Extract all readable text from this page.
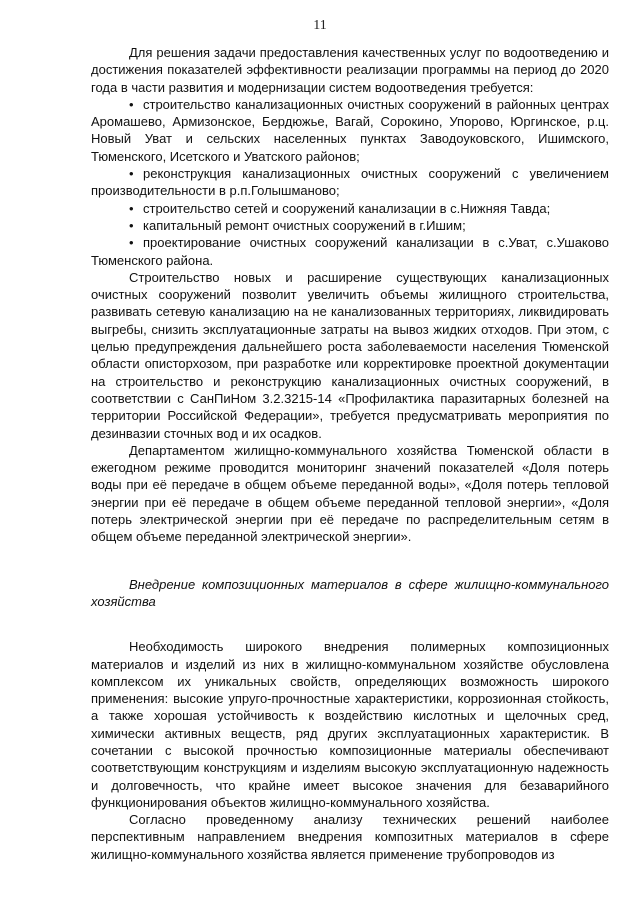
11

Для решения задачи предоставления качественных услуг по водоотведению и достижения показателей эффективности реализации программы на период до 2020 года в части развития и модернизации систем водоотведения требуется:

• строительство канализационных очистных сооружений в районных центрах Аромашево, Армизонское, Бердюжье, Вагай, Сорокино, Упорово, Юргинское, р.ц. Новый Уват и сельских населенных пунктах Заводоуковского, Ишимского, Тюменского, Исетского и Уватского районов;

• реконструкция канализационных очистных сооружений с увеличением производительности в р.п.Голышманово;

• строительство сетей и сооружений канализации в с.Нижняя Тавда;

• капитальный ремонт очистных сооружений в г.Ишим;

• проектирование очистных сооружений канализации в с.Уват, с.Ушаково Тюменского района.

Строительство новых и расширение существующих канализационных очистных сооружений позволит увеличить объемы жилищного строительства, развивать сетевую канализацию на не канализованных территориях, ликвидировать выгребы, снизить эксплуатационные затраты на вывоз жидких отходов. При этом, с целью предупреждения дальнейшего роста заболеваемости населения Тюменской области описторхозом, при разработке или корректировке проектной документации на строительство и реконструкцию канализационных очистных сооружений, в соответствии с СанПиНом 3.2.3215-14 «Профилактика паразитарных болезней на территории Российской Федерации», требуется предусматривать мероприятия по дезинвазии сточных вод и их осадков.

Департаментом жилищно-коммунального хозяйства Тюменской области в ежегодном режиме проводится мониторинг значений показателей «Доля потерь воды при её передаче в общем объеме переданной воды», «Доля потерь тепловой энергии при её передаче в общем объеме переданной тепловой энергии», «Доля потерь электрической энергии при её передаче по распределительным сетям в общем объеме переданной электрической энергии».

Внедрение композиционных материалов в сфере жилищно-коммунального хозяйства

Необходимость широкого внедрения полимерных композиционных материалов и изделий из них в жилищно-коммунальном хозяйстве обусловлена комплексом их уникальных свойств, определяющих возможность широкого применения: высокие упруго-прочностные характеристики, коррозионная стойкость, а также хорошая устойчивость к воздействию кислотных и щелочных сред, химически активных веществ, ряд других эксплуатационных характеристик. В сочетании с высокой прочностью композиционные материалы обеспечивают соответствующим конструкциям и изделиям высокую эксплуатационную надежность и долговечность, что крайне имеет высокое значения для безаварийного функционирования объектов жилищно-коммунального хозяйства.

Согласно проведенному анализу технических решений наиболее перспективным направлением внедрения композитных материалов в сфере жилищно-коммунального хозяйства является применение трубопроводов из
